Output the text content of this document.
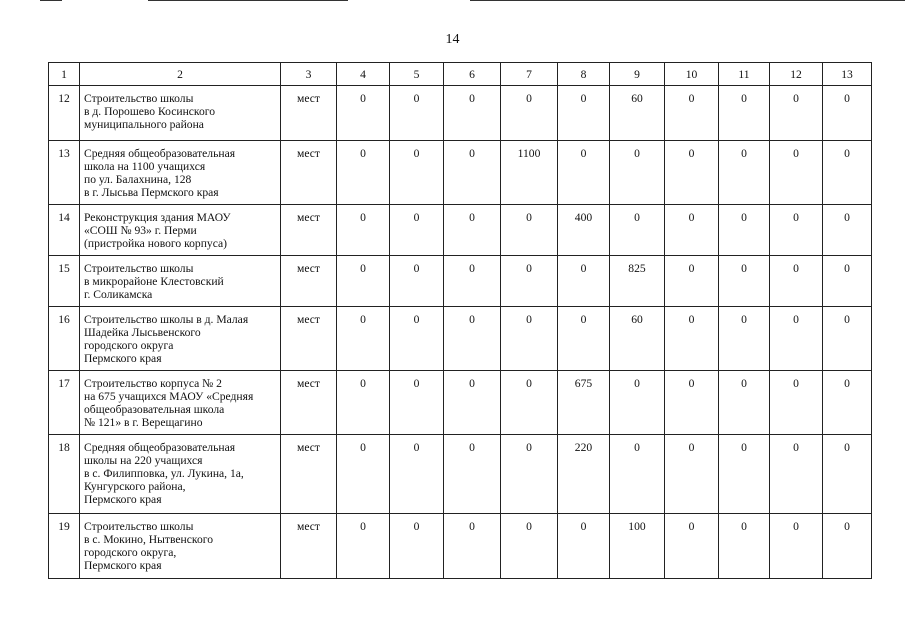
14
1	2	3	4	5	6	7	8	9	10	11	12	13
12	Строительство школы
в д. Порошево Косинского
муниципального района	мест	0	0	0	0	0	60	0	0	0	0
13	Средняя общеобразовательная
школа на 1100 учащихся
по ул. Балахнина, 128
в г. Лысьва Пермского края	мест	0	0	0	1100	0	0	0	0	0	0
14	Реконструкция здания МАОУ
«СОШ № 93» г. Перми
(пристройка нового корпуса)	мест	0	0	0	0	400	0	0	0	0	0
15	Строительство школы
в микрорайоне Клестовский
г. Соликамска	мест	0	0	0	0	0	825	0	0	0	0
16	Строительство школы в д. Малая
Шадейка Лысьвенского
городского округа
Пермского края	мест	0	0	0	0	0	60	0	0	0	0
17	Строительство корпуса № 2
на 675 учащихся МАОУ «Средняя
общеобразовательная школа
№ 121» в г. Верещагино	мест	0	0	0	0	675	0	0	0	0	0
18	Средняя общеобразовательная
школы на 220 учащихся
в с. Филипповка, ул. Лукина, 1а,
Кунгурского района,
Пермского края	мест	0	0	0	0	220	0	0	0	0	0
19	Строительство школы
в с. Мокино, Нытвенского
городского округа,
Пермского края	мест	0	0	0	0	0	100	0	0	0	0
